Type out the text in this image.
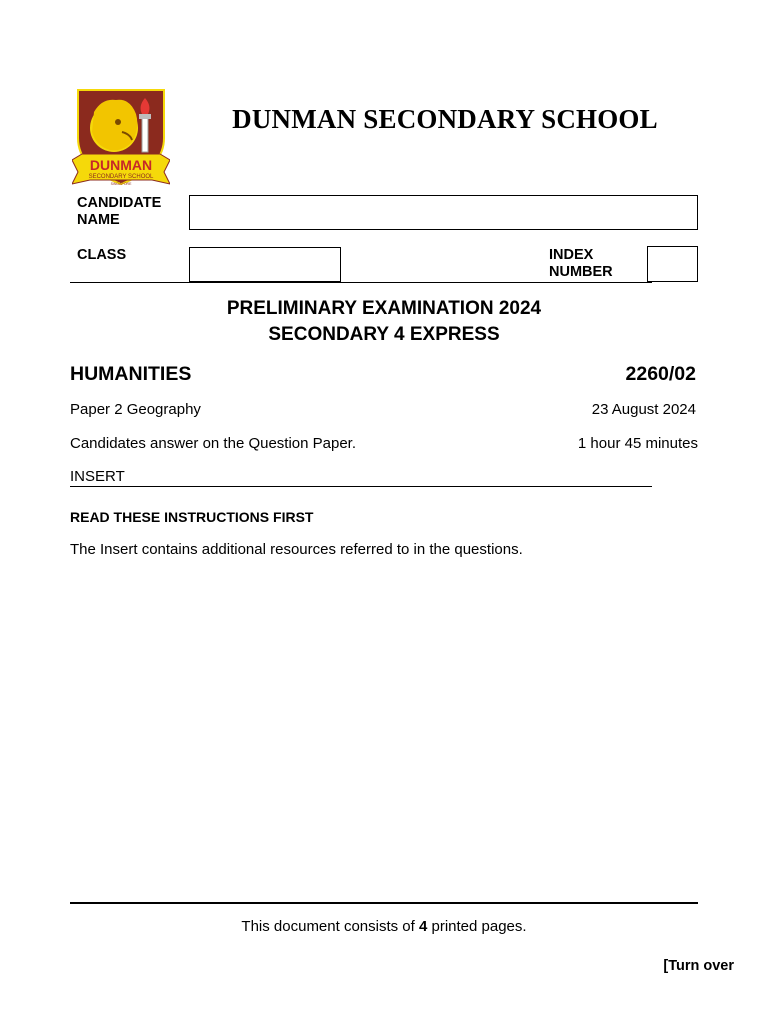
DUNMAN
SECONDARY SCHOOL
SINGAPORE
DUNMAN SECONDARY SCHOOL
CANDIDATE
NAME
CLASS	INDEX
NUMBER
PRELIMINARY EXAMINATION 2024
SECONDARY 4 EXPRESS
HUMANITIES	2260/02
Paper 2 Geography	23 August 2024
Candidates answer on the Question Paper.	1 hour 45 minutes
INSERT
READ THESE INSTRUCTIONS FIRST
The Insert contains additional resources referred to in the questions.
This document consists of 4 printed pages.
[Turn over
